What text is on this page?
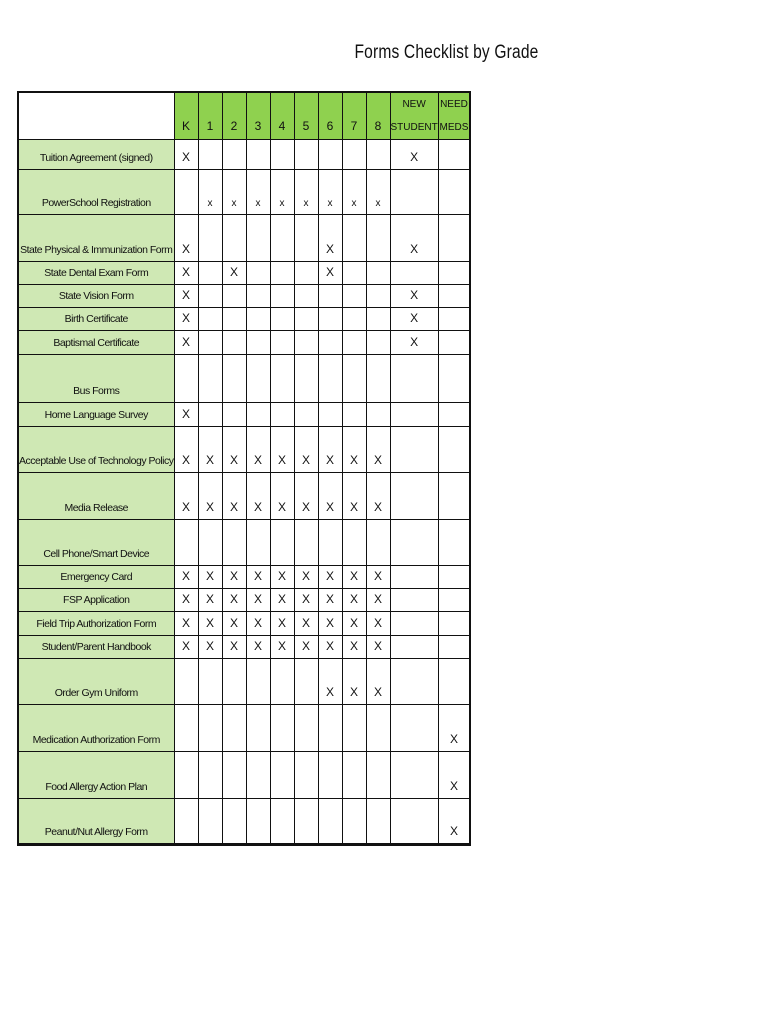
Forms Checklist by Grade
	K	1	2	3	4	5	6	7	8	NEW STUDENT	NEED MEDS
Tuition Agreement (signed)	X									X	
PowerSchool Registration		x	x	x	x	x	x	x	x		
State Physical & Immunization Form	X						X			X	
State Dental Exam Form	X		X				X				
State Vision Form	X									X	
Birth Certificate	X									X	
Baptismal Certificate	X									X	
Bus Forms											
Home Language Survey	X										
Acceptable Use of Technology Policy	X	X	X	X	X	X	X	X	X		
Media Release	X	X	X	X	X	X	X	X	X		
Cell Phone/Smart Device											
Emergency Card	X	X	X	X	X	X	X	X	X		
FSP Application	X	X	X	X	X	X	X	X	X		
Field Trip Authorization Form	X	X	X	X	X	X	X	X	X		
Student/Parent Handbook	X	X	X	X	X	X	X	X	X		
Order Gym Uniform							X	X	X		
Medication Authorization Form											X
Food Allergy Action Plan											X
Peanut/Nut Allergy Form											X
